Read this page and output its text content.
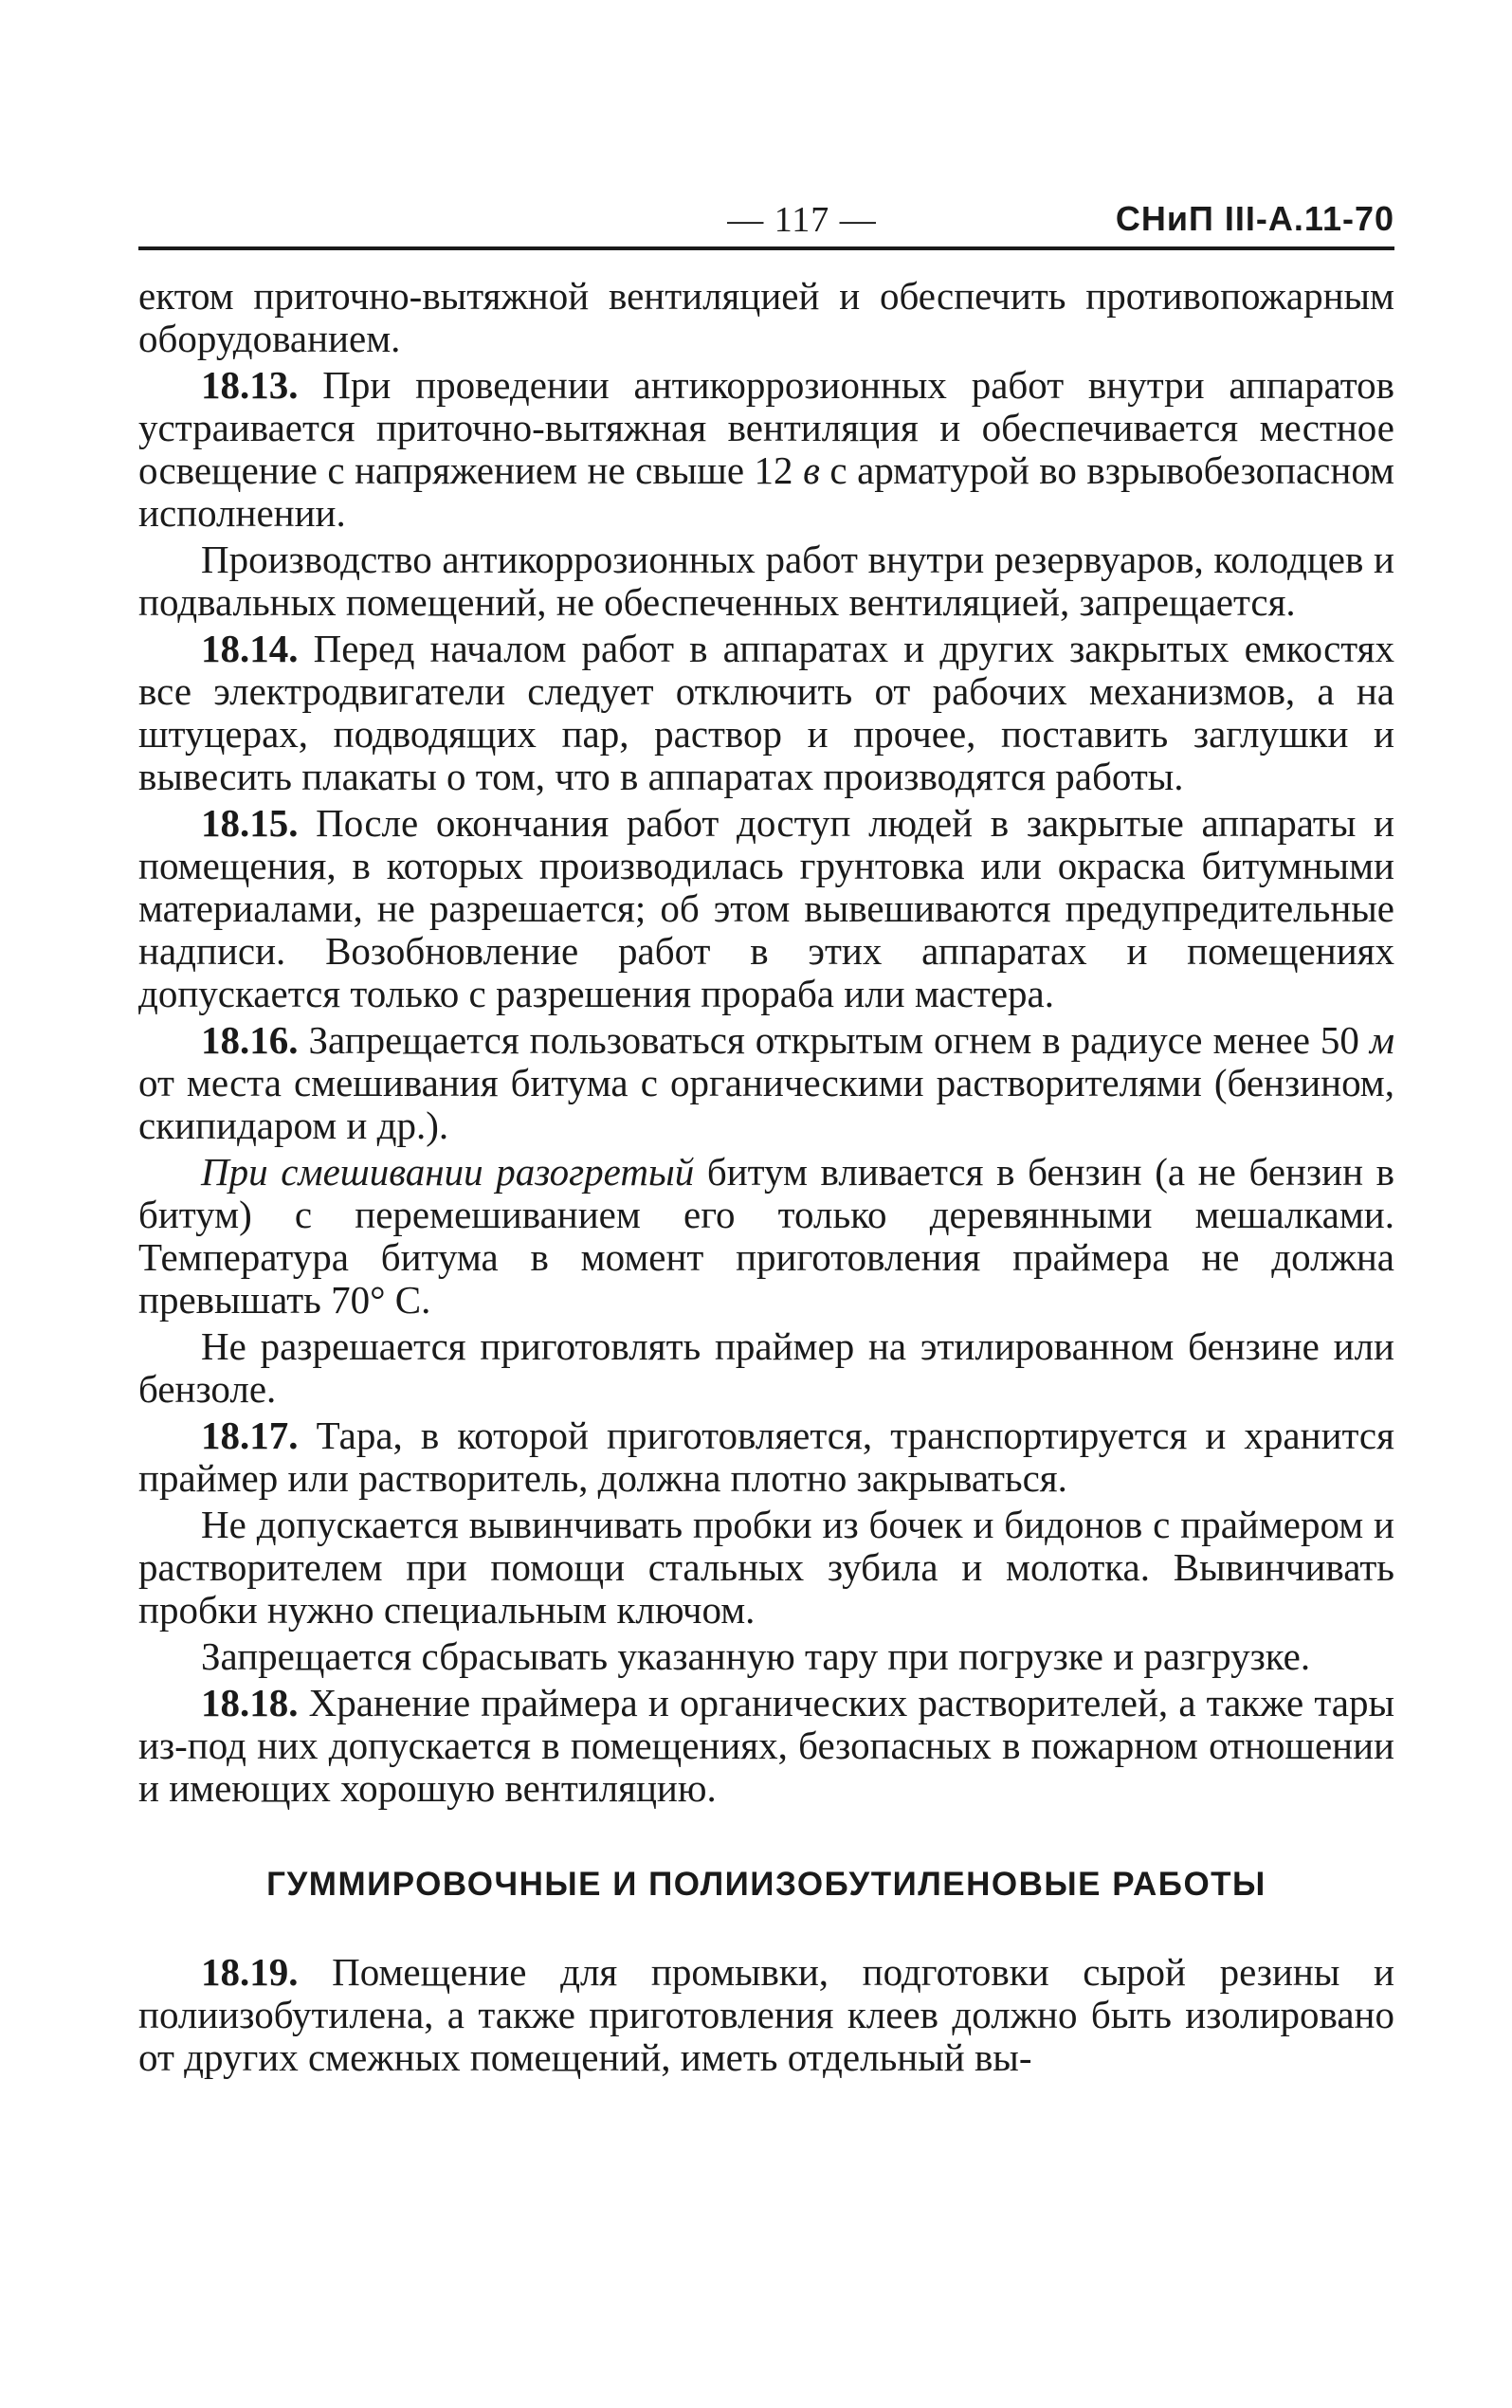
— 117 —	СНиП III-А.11-70

ектом приточно-вытяжной вентиляцией и обеспечить противопожарным оборудованием.

18.13. При проведении антикоррозионных работ внутри аппаратов устраивается приточно-вытяжная вентиляция и обеспечивается местное освещение с напряжением не свыше 12 в с арматурой во взрывобезопасном исполнении.

Производство антикоррозионных работ внутри резервуаров, колодцев и подвальных помещений, не обеспеченных вентиляцией, запрещается.

18.14. Перед началом работ в аппаратах и других закрытых емкостях все электродвигатели следует отключить от рабочих механизмов, а на штуцерах, подводящих пар, раствор и прочее, поставить заглушки и вывесить плакаты о том, что в аппаратах производятся работы.

18.15. После окончания работ доступ людей в закрытые аппараты и помещения, в которых производилась грунтовка или окраска битумными материалами, не разрешается; об этом вывешиваются предупредительные надписи. Возобновление работ в этих аппаратах и помещениях допускается только с разрешения прораба или мастера.

18.16. Запрещается пользоваться открытым огнем в радиусе менее 50 м от места смешивания битума с органическими растворителями (бензином, скипидаром и др.).

При смешивании разогретый битум вливается в бензин (а не бензин в битум) с перемешиванием его только деревянными мешалками. Температура битума в момент приготовления праймера не должна превышать 70° С.

Не разрешается приготовлять праймер на этилированном бензине или бензоле.

18.17. Тара, в которой приготовляется, транспортируется и хранится праймер или растворитель, должна плотно закрываться.

Не допускается вывинчивать пробки из бочек и бидонов с праймером и растворителем при помощи стальных зубила и молотка. Вывинчивать пробки нужно специальным ключом.

Запрещается сбрасывать указанную тару при погрузке и разгрузке.

18.18. Хранение праймера и органических растворителей, а также тары из-под них допускается в помещениях, безопасных в пожарном отношении и имеющих хорошую вентиляцию.

ГУММИРОВОЧНЫЕ И ПОЛИИЗОБУТИЛЕНОВЫЕ РАБОТЫ

18.19. Помещение для промывки, подготовки сырой резины и полиизобутилена, а также приготовления клеев должно быть изолировано от других смежных помещений, иметь отдельный вы-
